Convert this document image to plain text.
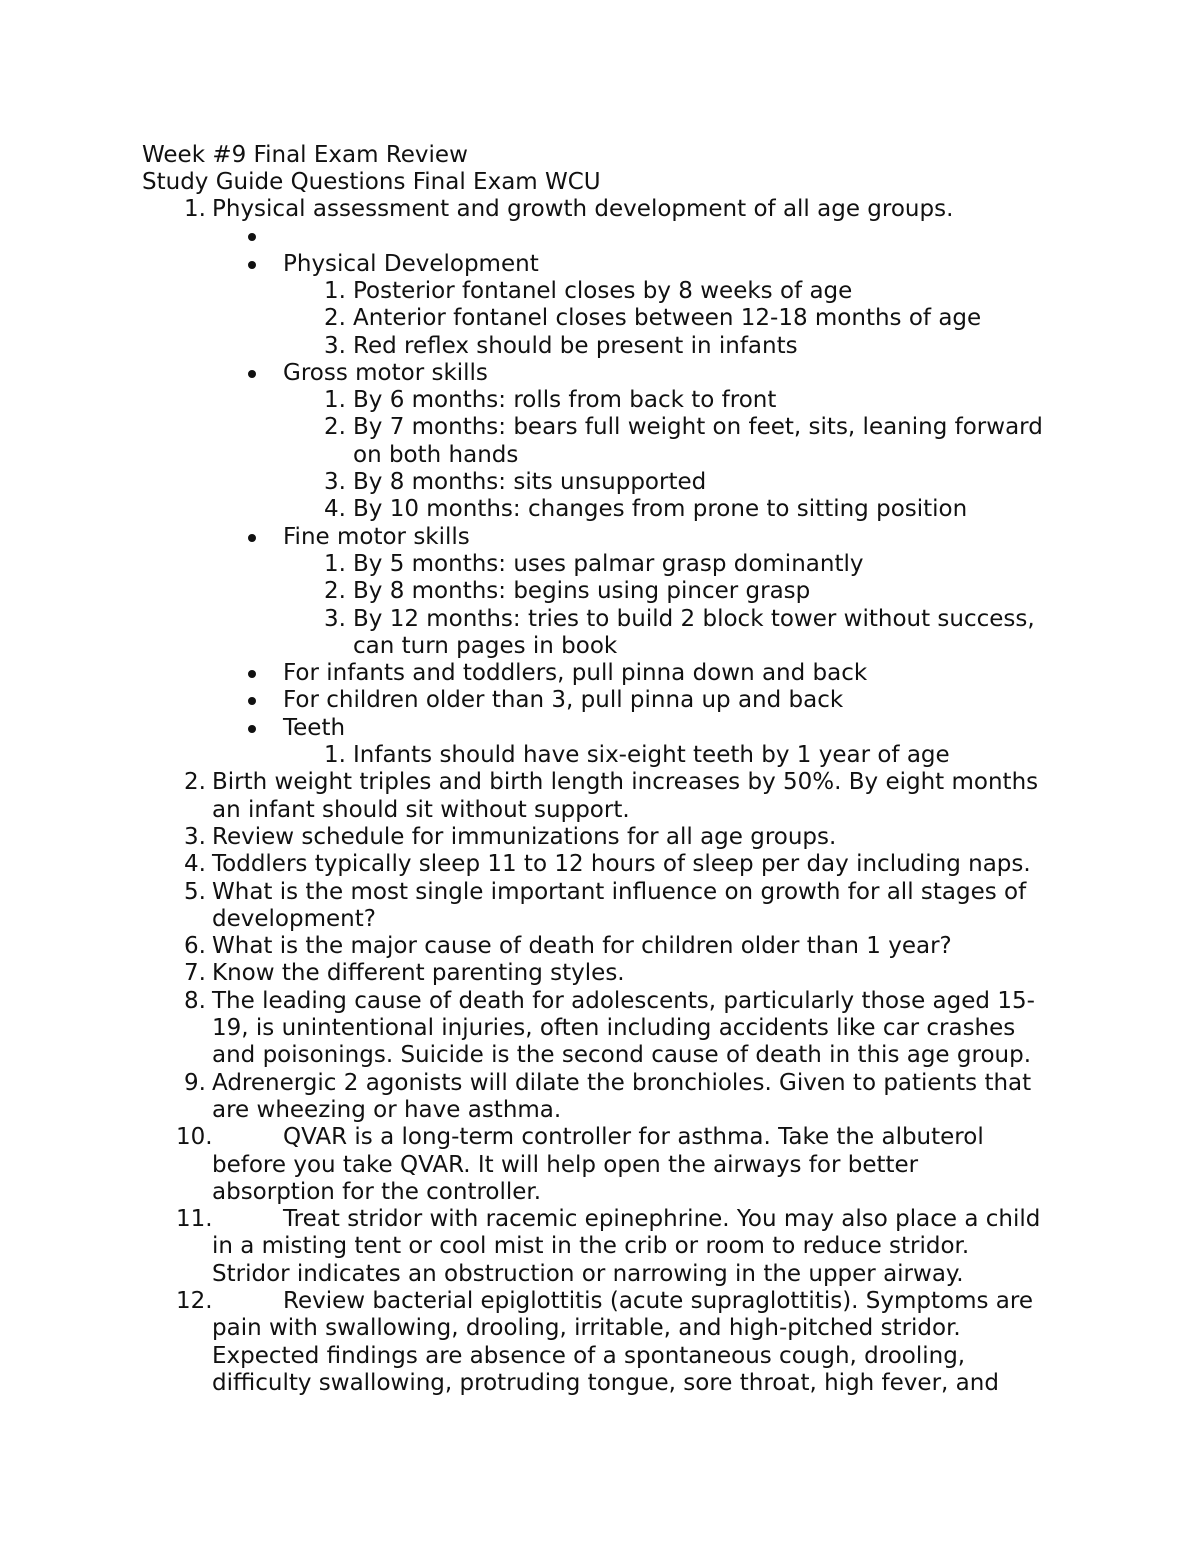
Week #9 Final Exam Review
Study Guide Questions Final Exam WCU
1. Physical assessment and growth development of all age groups.
Physical Development
1. Posterior fontanel closes by 8 weeks of age
2. Anterior fontanel closes between 12-18 months of age
3. Red reflex should be present in infants
Gross motor skills
1. By 6 months: rolls from back to front
2. By 7 months: bears full weight on feet, sits, leaning forward
on both hands
3. By 8 months: sits unsupported
4. By 10 months: changes from prone to sitting position
Fine motor skills
1. By 5 months: uses palmar grasp dominantly
2. By 8 months: begins using pincer grasp
3. By 12 months: tries to build 2 block tower without success,
can turn pages in book
For infants and toddlers, pull pinna down and back
For children older than 3, pull pinna up and back
Teeth
1. Infants should have six-eight teeth by 1 year of age
2. Birth weight triples and birth length increases by 50%. By eight months
an infant should sit without support.
3. Review schedule for immunizations for all age groups.
4. Toddlers typically sleep 11 to 12 hours of sleep per day including naps.
5. What is the most single important influence on growth for all stages of
development?
6. What is the major cause of death for children older than 1 year?
7. Know the different parenting styles.
8. The leading cause of death for adolescents, particularly those aged 15-
19, is unintentional injuries, often including accidents like car crashes
and poisonings. Suicide is the second cause of death in this age group.
9. Adrenergic 2 agonists will dilate the bronchioles. Given to patients that
are wheezing or have asthma.
10.	QVAR is a long-term controller for asthma. Take the albuterol
before you take QVAR. It will help open the airways for better
absorption for the controller.
11.	Treat stridor with racemic epinephrine. You may also place a child
in a misting tent or cool mist in the crib or room to reduce stridor.
Stridor indicates an obstruction or narrowing in the upper airway.
12.	Review bacterial epiglottitis (acute supraglottitis). Symptoms are
pain with swallowing, drooling, irritable, and high-pitched stridor.
Expected findings are absence of a spontaneous cough, drooling,
difficulty swallowing, protruding tongue, sore throat, high fever, and
